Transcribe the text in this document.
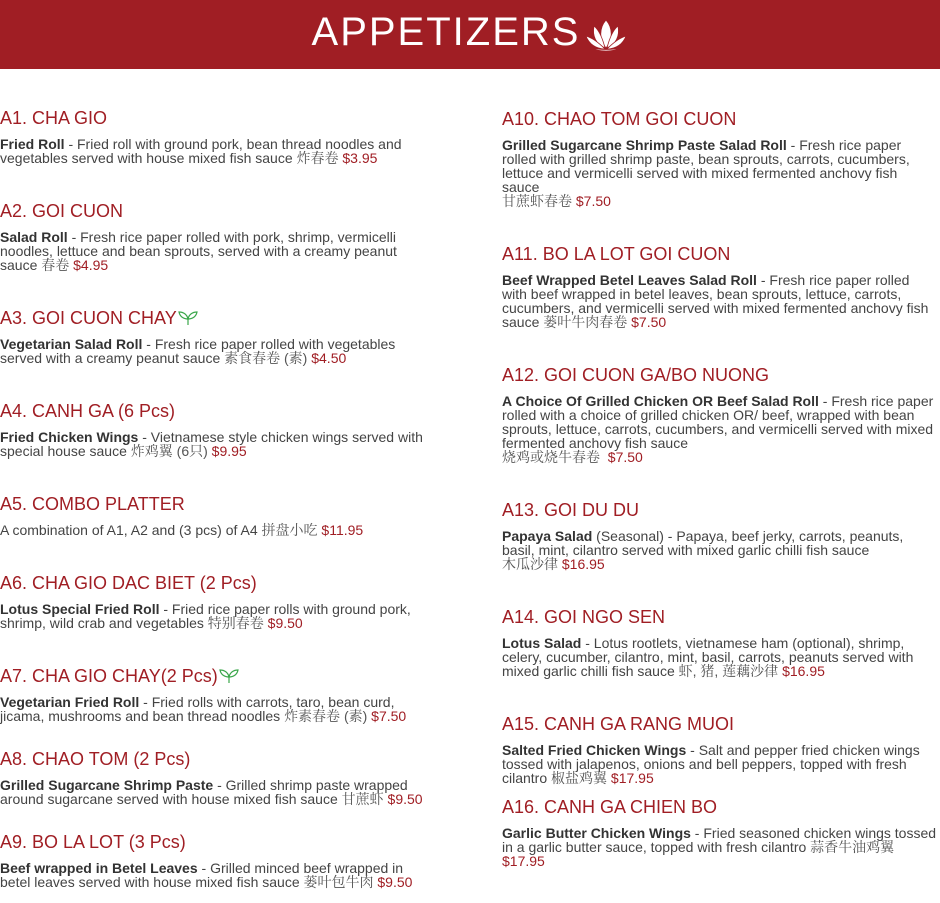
APPETIZERS
A1. CHA GIO
Fried Roll - Fried roll with ground pork, bean thread noodles and vegetables served with house mixed fish sauce 炸春卷 $3.95
A2. GOI CUON
Salad Roll - Fresh rice paper rolled with pork, shrimp, vermicelli noodles, lettuce and bean sprouts, served with a creamy peanut sauce 春卷 $4.95
A3. GOI CUON CHAY
Vegetarian Salad Roll - Fresh rice paper rolled with vegetables served with a creamy peanut sauce 素食春卷 (素) $4.50
A4. CANH GA (6 Pcs)
Fried Chicken Wings - Vietnamese style chicken wings served with special house sauce 炸鸡翼 (6只) $9.95
A5. COMBO PLATTER
A combination of A1, A2 and (3 pcs) of A4 拼盘小吃 $11.95
A6. CHA GIO DAC BIET (2 Pcs)
Lotus Special Fried Roll - Fried rice paper rolls with ground pork, shrimp, wild crab and vegetables 特别春卷 $9.50
A7. CHA GIO CHAY(2 Pcs)
Vegetarian Fried Roll - Fried rolls with carrots, taro, bean curd, jicama, mushrooms and bean thread noodles 炸素春卷 (素) $7.50
A8. CHAO TOM (2 Pcs)
Grilled Sugarcane Shrimp Paste - Grilled shrimp paste wrapped around sugarcane served with house mixed fish sauce 甘蔗虾 $9.50
A9. BO LA LOT (3 Pcs)
Beef wrapped in Betel Leaves - Grilled minced beef wrapped in betel leaves served with house mixed fish sauce 蒌叶包牛肉 $9.50
A10. CHAO TOM GOI CUON
Grilled Sugarcane Shrimp Paste Salad Roll - Fresh rice paper rolled with grilled shrimp paste, bean sprouts, carrots, cucumbers, lettuce and vermicelli served with mixed fermented anchovy fish sauce
甘蔗虾春卷 $7.50
A11. BO LA LOT GOI CUON
Beef Wrapped Betel Leaves Salad Roll - Fresh rice paper rolled with beef wrapped in betel leaves, bean sprouts, lettuce, carrots, cucumbers, and vermicelli served with mixed fermented anchovy fish sauce 蒌叶牛肉春卷 $7.50
A12. GOI CUON GA/BO NUONG
A Choice Of Grilled Chicken OR Beef Salad Roll - Fresh rice paper rolled with a choice of grilled chicken OR/ beef, wrapped with bean sprouts, lettuce, carrots, cucumbers, and vermicelli served with mixed fermented anchovy fish sauce
烧鸡或烧牛春卷  $7.50
A13. GOI DU DU
Papaya Salad (Seasonal) - Papaya, beef jerky, carrots, peanuts, basil, mint, cilantro served with mixed garlic chilli fish sauce
木瓜沙律 $16.95
A14. GOI NGO SEN
Lotus Salad - Lotus rootlets, vietnamese ham (optional), shrimp, celery, cucumber, cilantro, mint, basil, carrots, peanuts served with mixed garlic chilli fish sauce 虾, 猪, 莲藕沙律 $16.95
A15. CANH GA RANG MUOI
Salted Fried Chicken Wings - Salt and pepper fried chicken wings tossed with jalapenos, onions and bell peppers, topped with fresh cilantro 椒盐鸡翼 $17.95
A16. CANH GA CHIEN BO
Garlic Butter Chicken Wings - Fried seasoned chicken wings tossed in a garlic butter sauce, topped with fresh cilantro 蒜香牛油鸡翼
$17.95
